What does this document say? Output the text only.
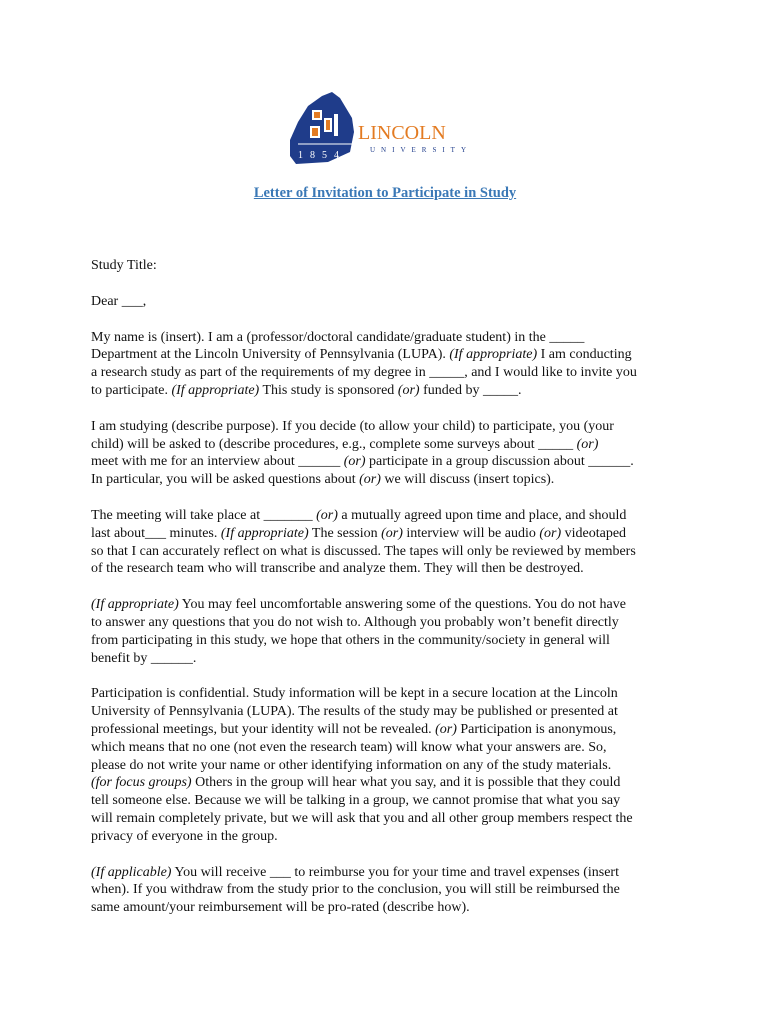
1854
LINCOLN
UNIVERSITY
Letter of Invitation to Participate in Study
Study Title:
Dear ___,
My name is (insert). I am a (professor/doctoral candidate/graduate student) in the _____
Department at the Lincoln University of Pennsylvania (LUPA). (If appropriate) I am conducting
a research study as part of the requirements of my degree in _____, and I would like to invite you
to participate. (If appropriate) This study is sponsored (or) funded by _____.
I am studying (describe purpose). If you decide (to allow your child) to participate, you (your
child) will be asked to (describe procedures, e.g., complete some surveys about _____ (or)
meet with me for an interview about ______ (or) participate in a group discussion about ______.
In particular, you will be asked questions about (or) we will discuss (insert topics).
The meeting will take place at _______ (or) a mutually agreed upon time and place, and should
last about___ minutes. (If appropriate) The session (or) interview will be audio (or) videotaped
so that I can accurately reflect on what is discussed. The tapes will only be reviewed by members
of the research team who will transcribe and analyze them. They will then be destroyed.
(If appropriate) You may feel uncomfortable answering some of the questions. You do not have
to answer any questions that you do not wish to. Although you probably won’t benefit directly
from participating in this study, we hope that others in the community/society in general will
benefit by ______.
Participation is confidential. Study information will be kept in a secure location at the Lincoln
University of Pennsylvania (LUPA). The results of the study may be published or presented at
professional meetings, but your identity will not be revealed. (or) Participation is anonymous,
which means that no one (not even the research team) will know what your answers are. So,
please do not write your name or other identifying information on any of the study materials.
(for focus groups) Others in the group will hear what you say, and it is possible that they could
tell someone else. Because we will be talking in a group, we cannot promise that what you say
will remain completely private, but we will ask that you and all other group members respect the
privacy of everyone in the group.
(If applicable) You will receive ___ to reimburse you for your time and travel expenses (insert
when). If you withdraw from the study prior to the conclusion, you will still be reimbursed the
same amount/your reimbursement will be pro-rated (describe how).
